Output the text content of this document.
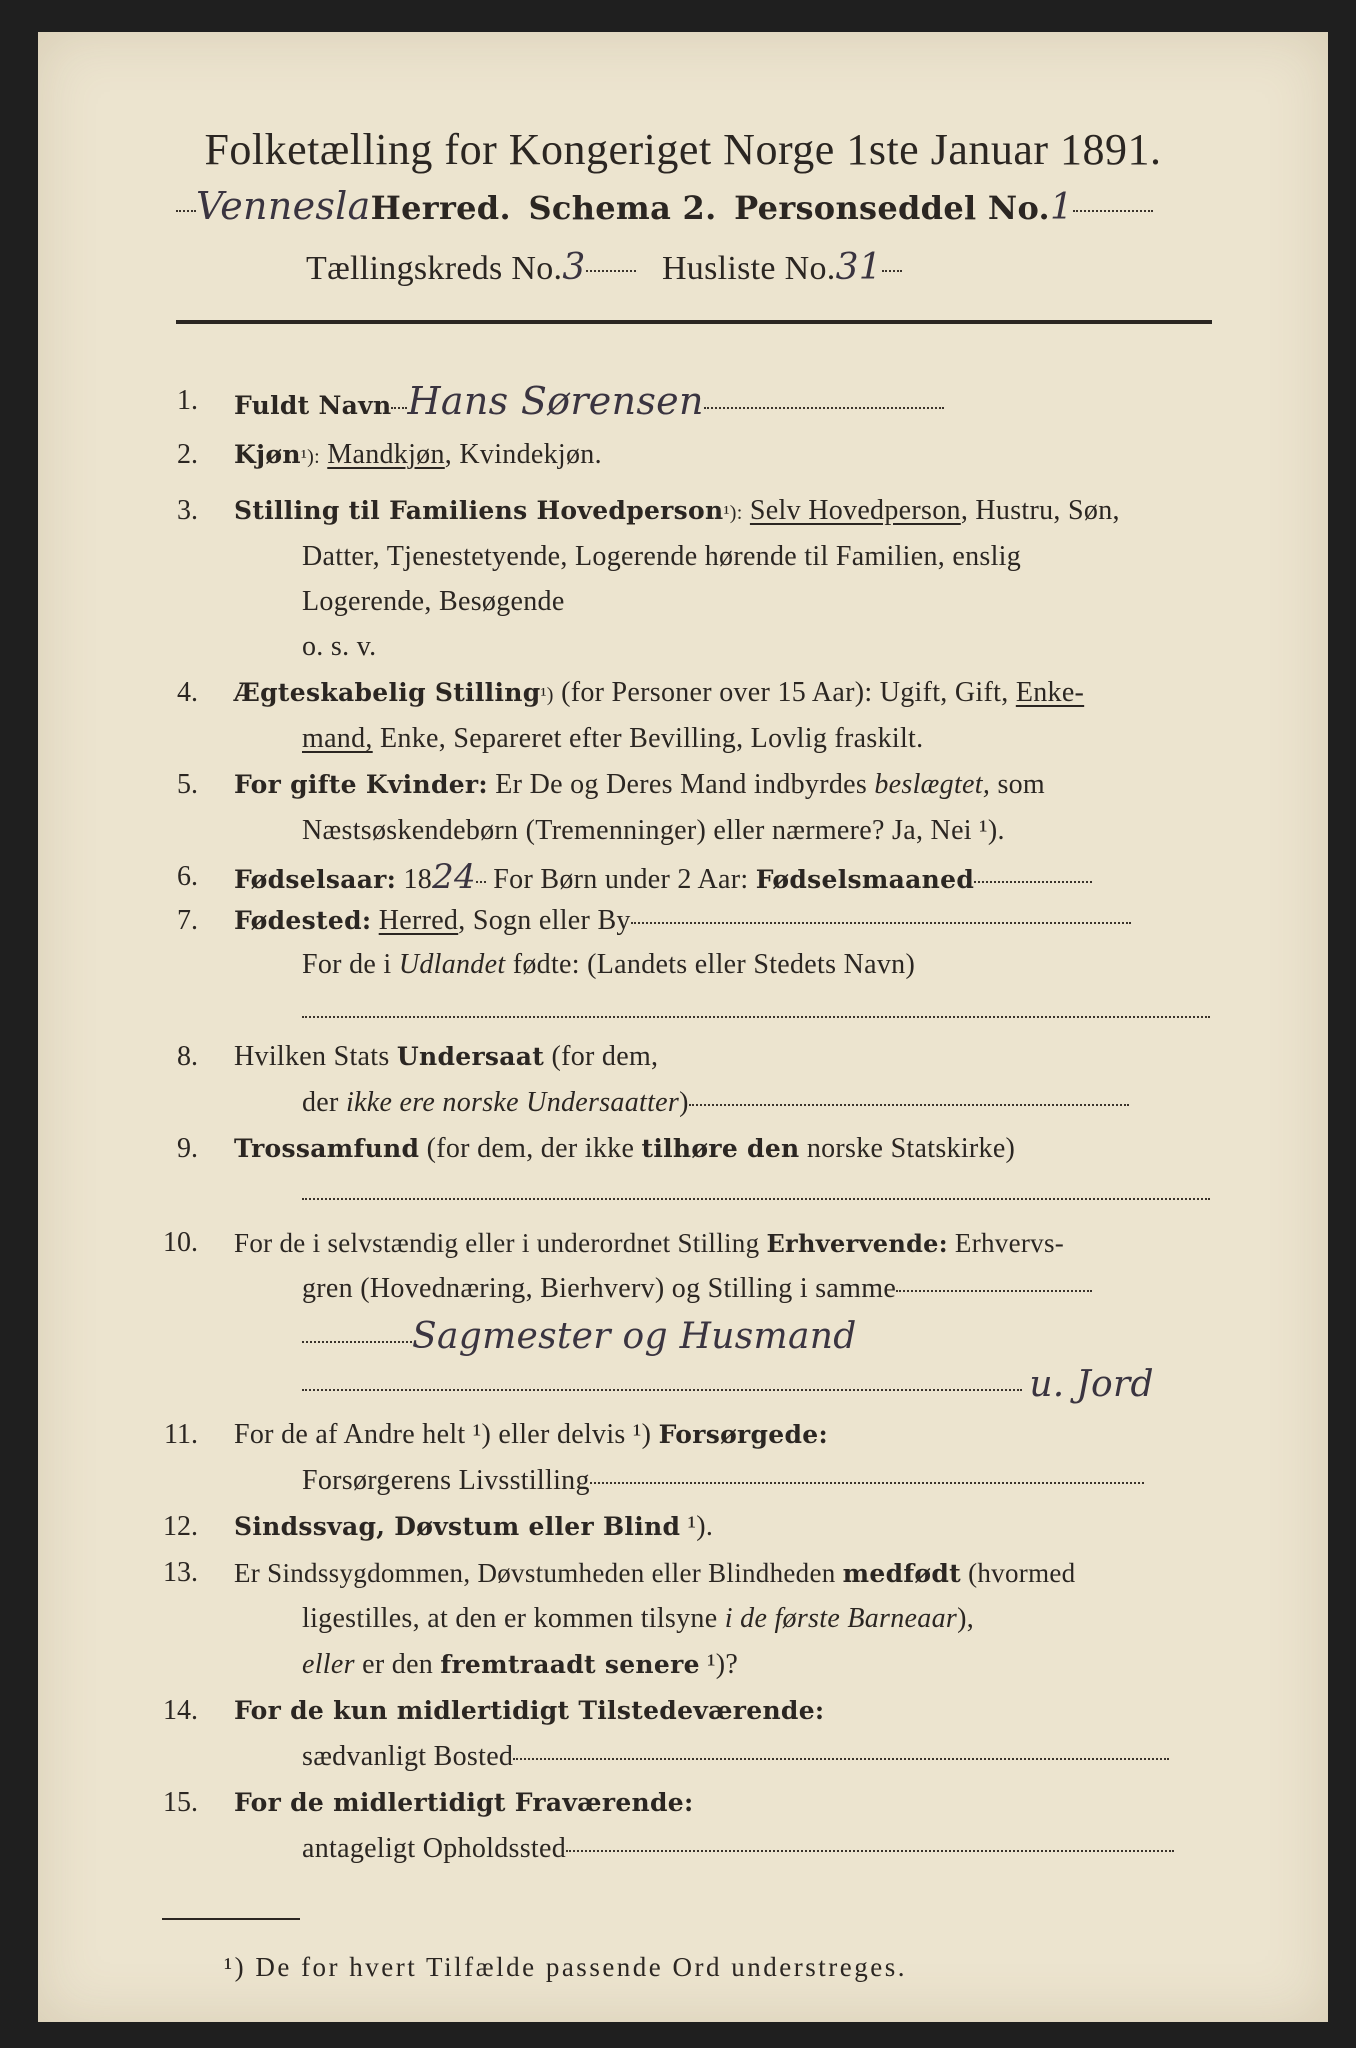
Folketælling for Kongeriget Norge 1ste Januar 1891.
VenneslaHerred. Schema 2. Personseddel No.1
Tællingskreds No.3 Husliste No.31
1. Fuldt Navn Hans Sørensen
2. Kjøn¹): Mandkjøn, Kvindekjøn.
3. Stilling til Familiens Hovedperson¹): Selv Hovedperson, Hustru, Søn,
Datter, Tjenestetyende, Logerende hørende til Familien, enslig
Logerende, Besøgende
o. s. v.
4. Ægteskabelig Stilling¹) (for Personer over 15 Aar): Ugift, Gift, Enke-
mand, Enke, Separeret efter Bevilling, Lovlig fraskilt.
5. For gifte Kvinder: Er De og Deres Mand indbyrdes beslægtet, som
Næstsøskendebørn (Tremenninger) eller nærmere? Ja, Nei ¹).
6. Fødselsaar: 1824 For Børn under 2 Aar: Fødselsmaaned
7. Fødested: Herred, Sogn eller By
For de i Udlandet fødte: (Landets eller Stedets Navn)
8. Hvilken Stats Undersaat (for dem,
der ikke ere norske Undersaatter)
9. Trossamfund (for dem, der ikke tilhøre den norske Statskirke)
10. For de i selvstændig eller i underordnet Stilling Erhvervende: Erhvervs-
gren (Hovednæring, Bierhverv) og Stilling i samme
Sagmester og Husmand
u. Jord
11. For de af Andre helt ¹) eller delvis ¹) Forsørgede:
Forsørgerens Livsstilling
12. Sindssvag, Døvstum eller Blind ¹).
13. Er Sindssygdommen, Døvstumheden eller Blindheden medfødt (hvormed
ligestilles, at den er kommen tilsyne i de første Barneaar),
eller er den fremtraadt senere ¹)?
14. For de kun midlertidigt Tilstedeværende:
sædvanligt Bosted
15. For de midlertidigt Fraværende:
antageligt Opholdssted
¹) De for hvert Tilfælde passende Ord understreges.
